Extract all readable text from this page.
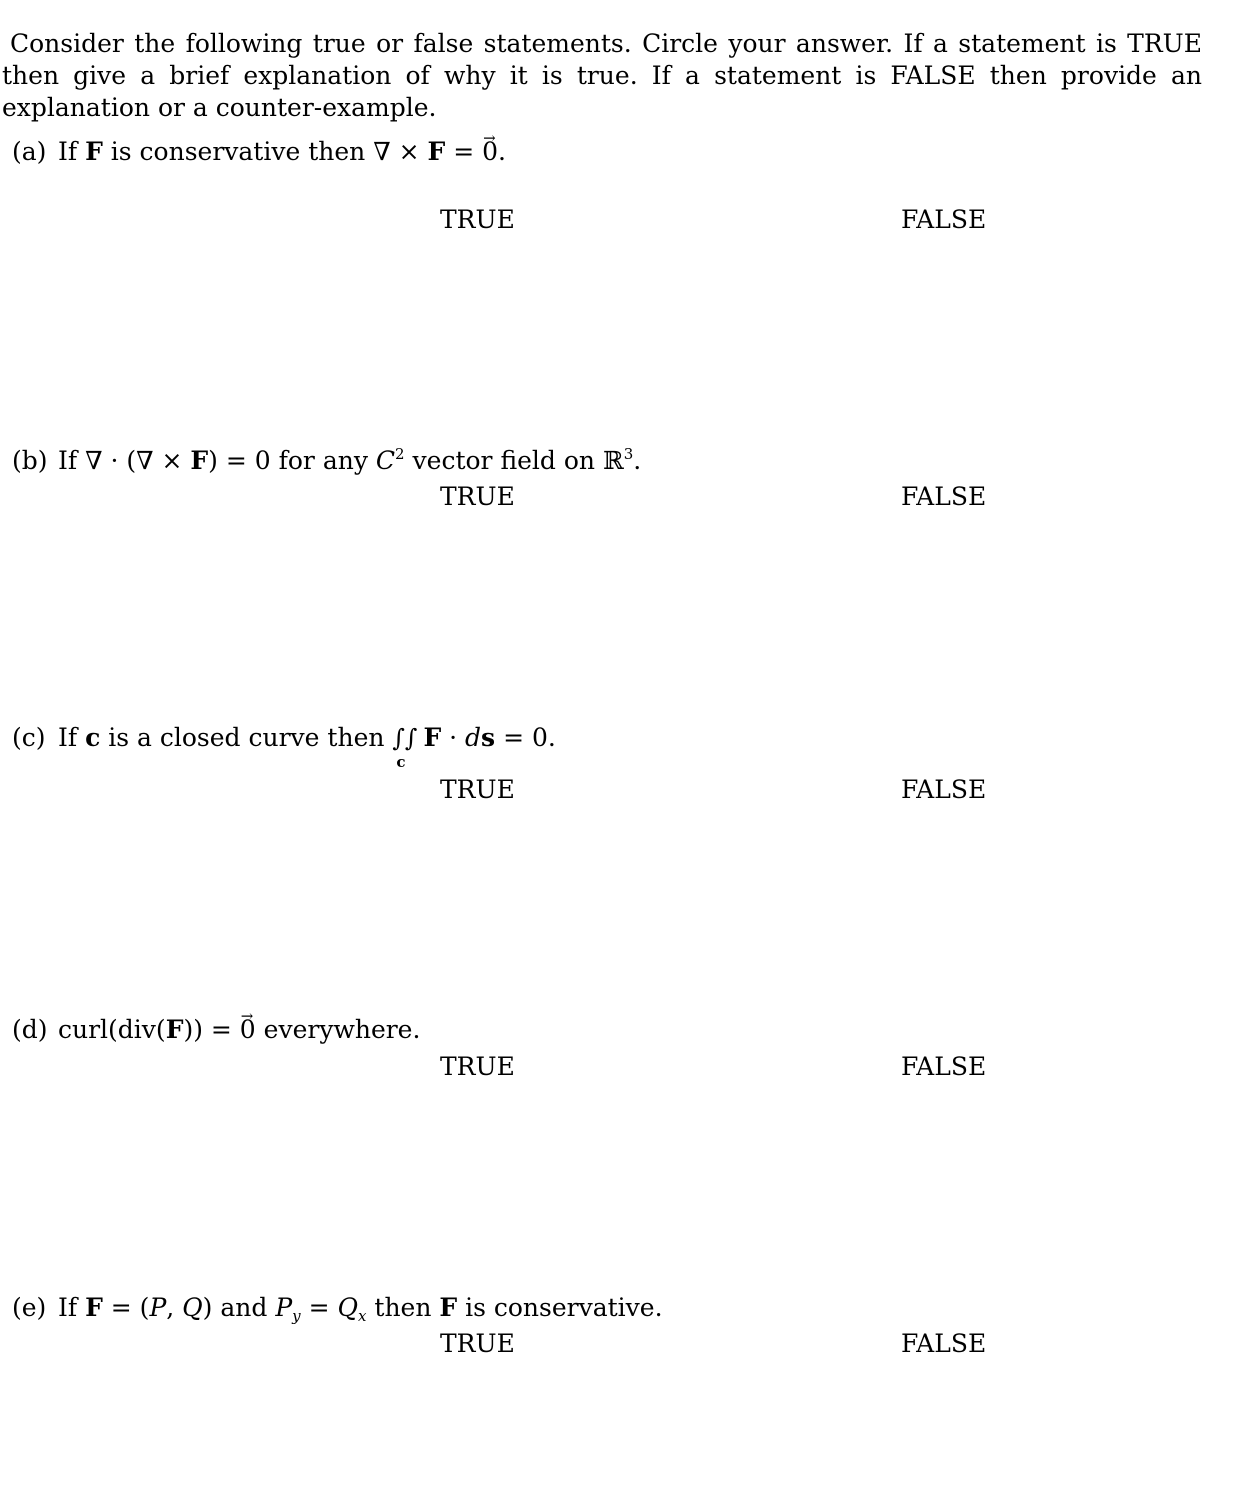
Consider the following true or false statements. Circle your answer. If a statement is TRUE then give a brief explanation of why it is true. If a statement is FALSE then provide an explanation or a counter-example.

(a) If F is conservative then ∇ × F = 0 →.
TRUE	FALSE
(b) If ∇ · (∇ × F) = 0 for any $C^2$ vector field on ℝ$^3$.
TRUE	FALSE
(c) If c is a closed curve then ∫∫
c
F · ds = 0.
TRUE	FALSE
(d) curl(div(F)) = 0 → everywhere.
TRUE	FALSE
(e) If F = (P, Q) and $P_y = Q_x$ then F is conservative.
TRUE	FALSE
